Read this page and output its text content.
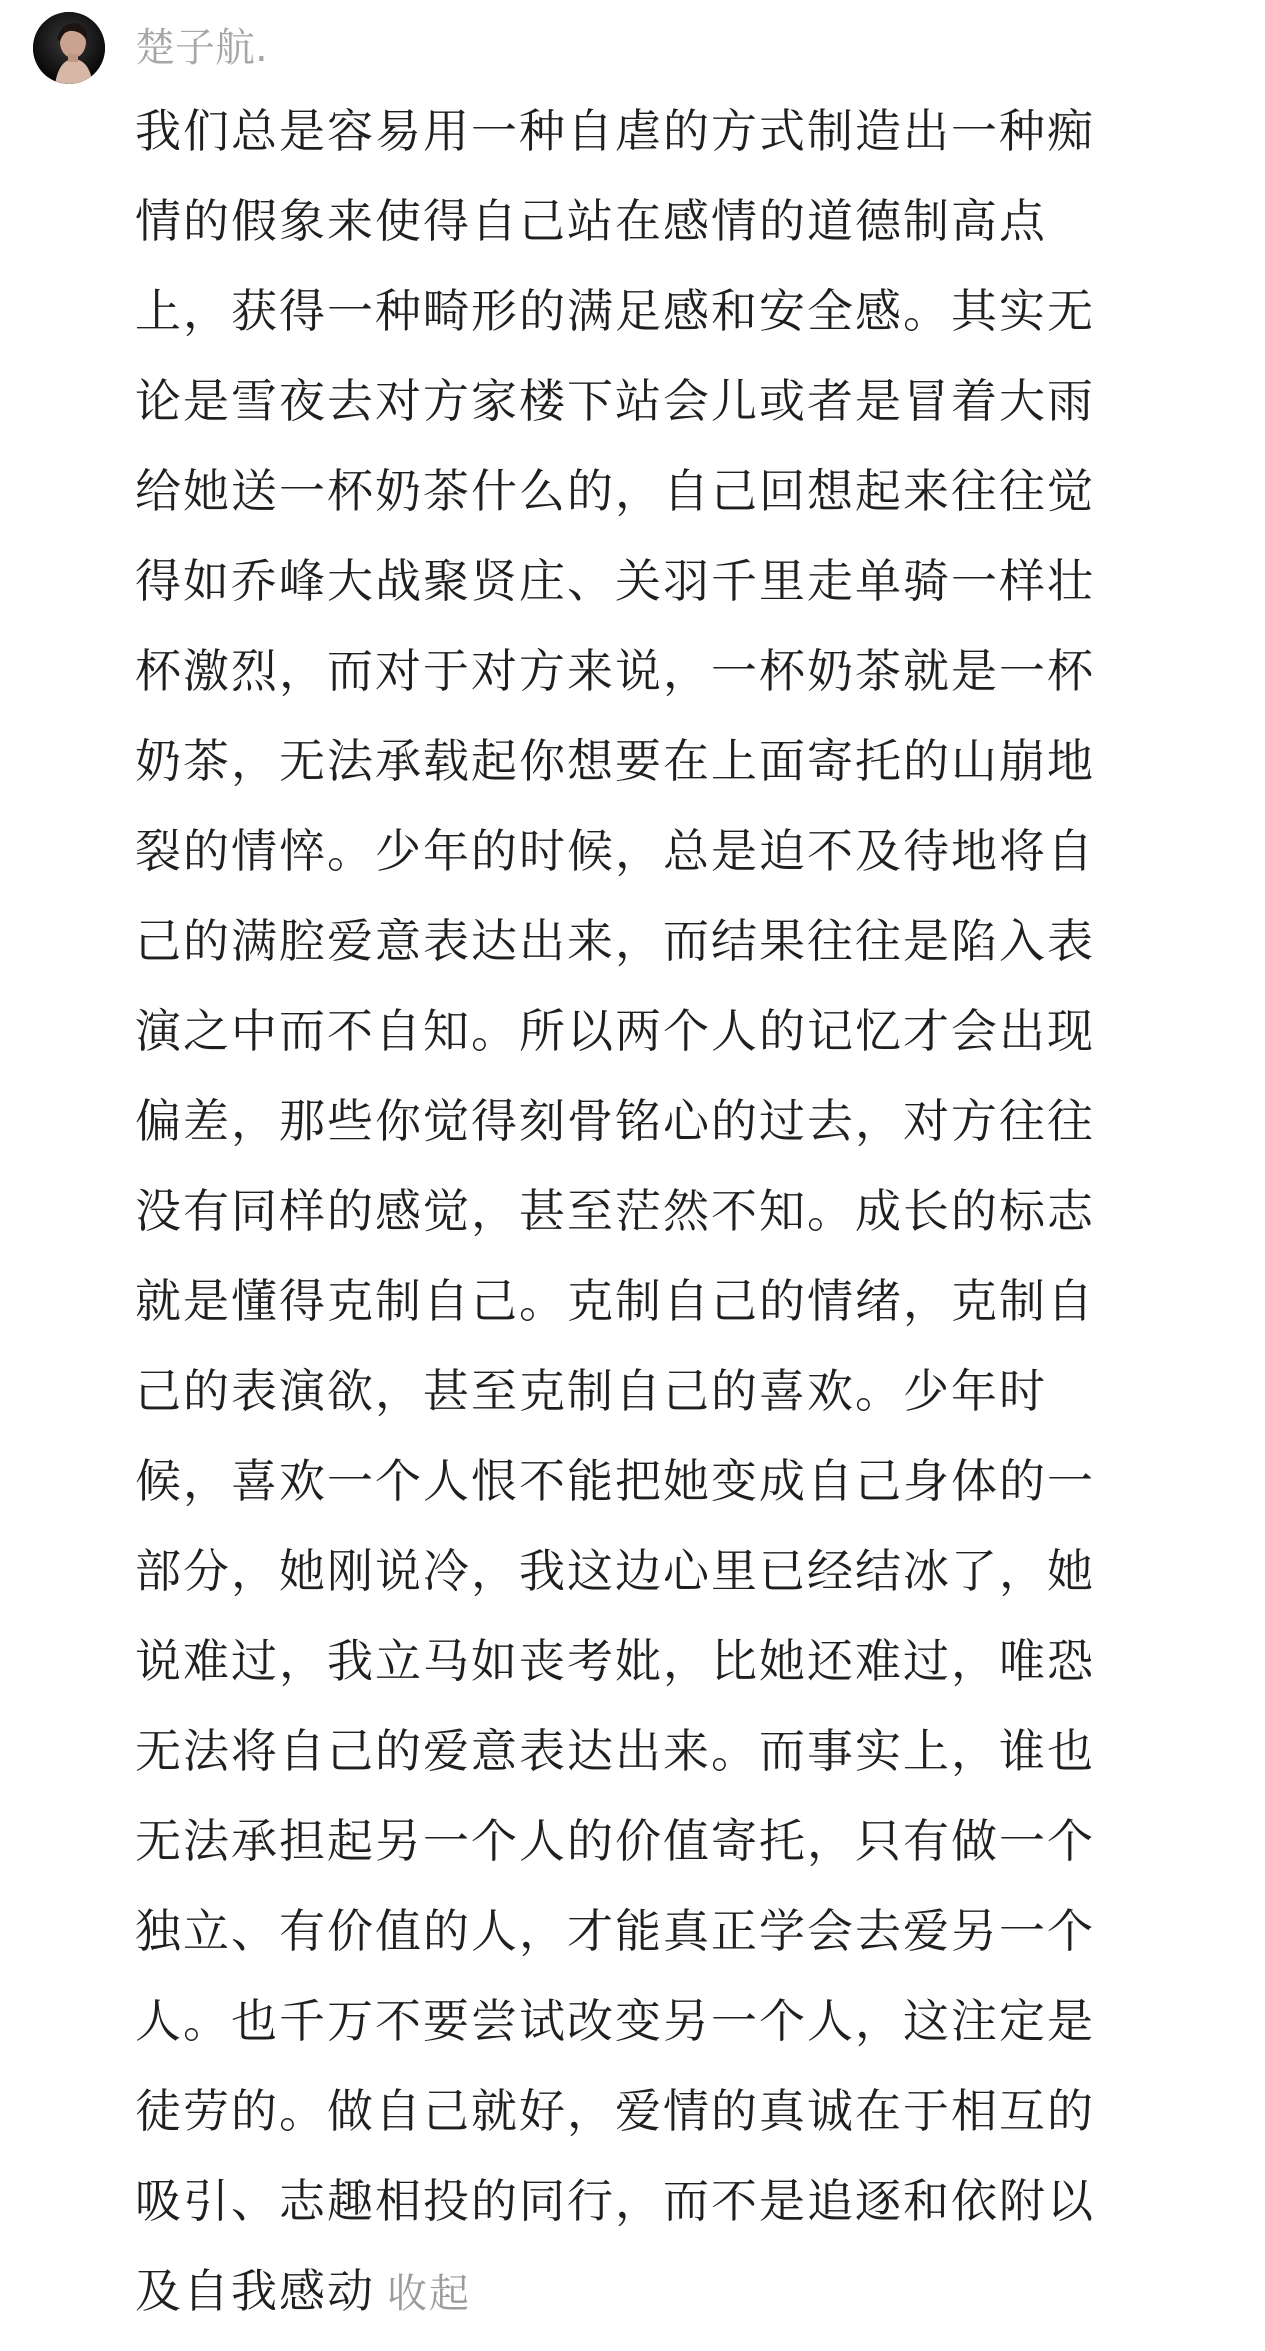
楚子航.
我们总是容易用一种自虐的方式制造出一种痴
情的假象来使得自己站在感情的道德制高点
上，获得一种畸形的满足感和安全感。其实无
论是雪夜去对方家楼下站会儿或者是冒着大雨
给她送一杯奶茶什么的，自己回想起来往往觉
得如乔峰大战聚贤庄、关羽千里走单骑一样壮
杯激烈，而对于对方来说，一杯奶茶就是一杯
奶茶，无法承载起你想要在上面寄托的山崩地
裂的情悴。少年的时候，总是迫不及待地将自
己的满腔爱意表达出来，而结果往往是陷入表
演之中而不自知。所以两个人的记忆才会出现
偏差，那些你觉得刻骨铭心的过去，对方往往
没有同样的感觉，甚至茫然不知。成长的标志
就是懂得克制自己。克制自己的情绪，克制自
己的表演欲，甚至克制自己的喜欢。少年时
候，喜欢一个人恨不能把她变成自己身体的一
部分，她刚说冷，我这边心里已经结冰了，她
说难过，我立马如丧考妣，比她还难过，唯恐
无法将自己的爱意表达出来。而事实上，谁也
无法承担起另一个人的价值寄托，只有做一个
独立、有价值的人，才能真正学会去爱另一个
人。也千万不要尝试改变另一个人，这注定是
徒劳的。做自己就好，爱情的真诚在于相互的
吸引、志趣相投的同行，而不是追逐和依附以
及自我感动 收起
